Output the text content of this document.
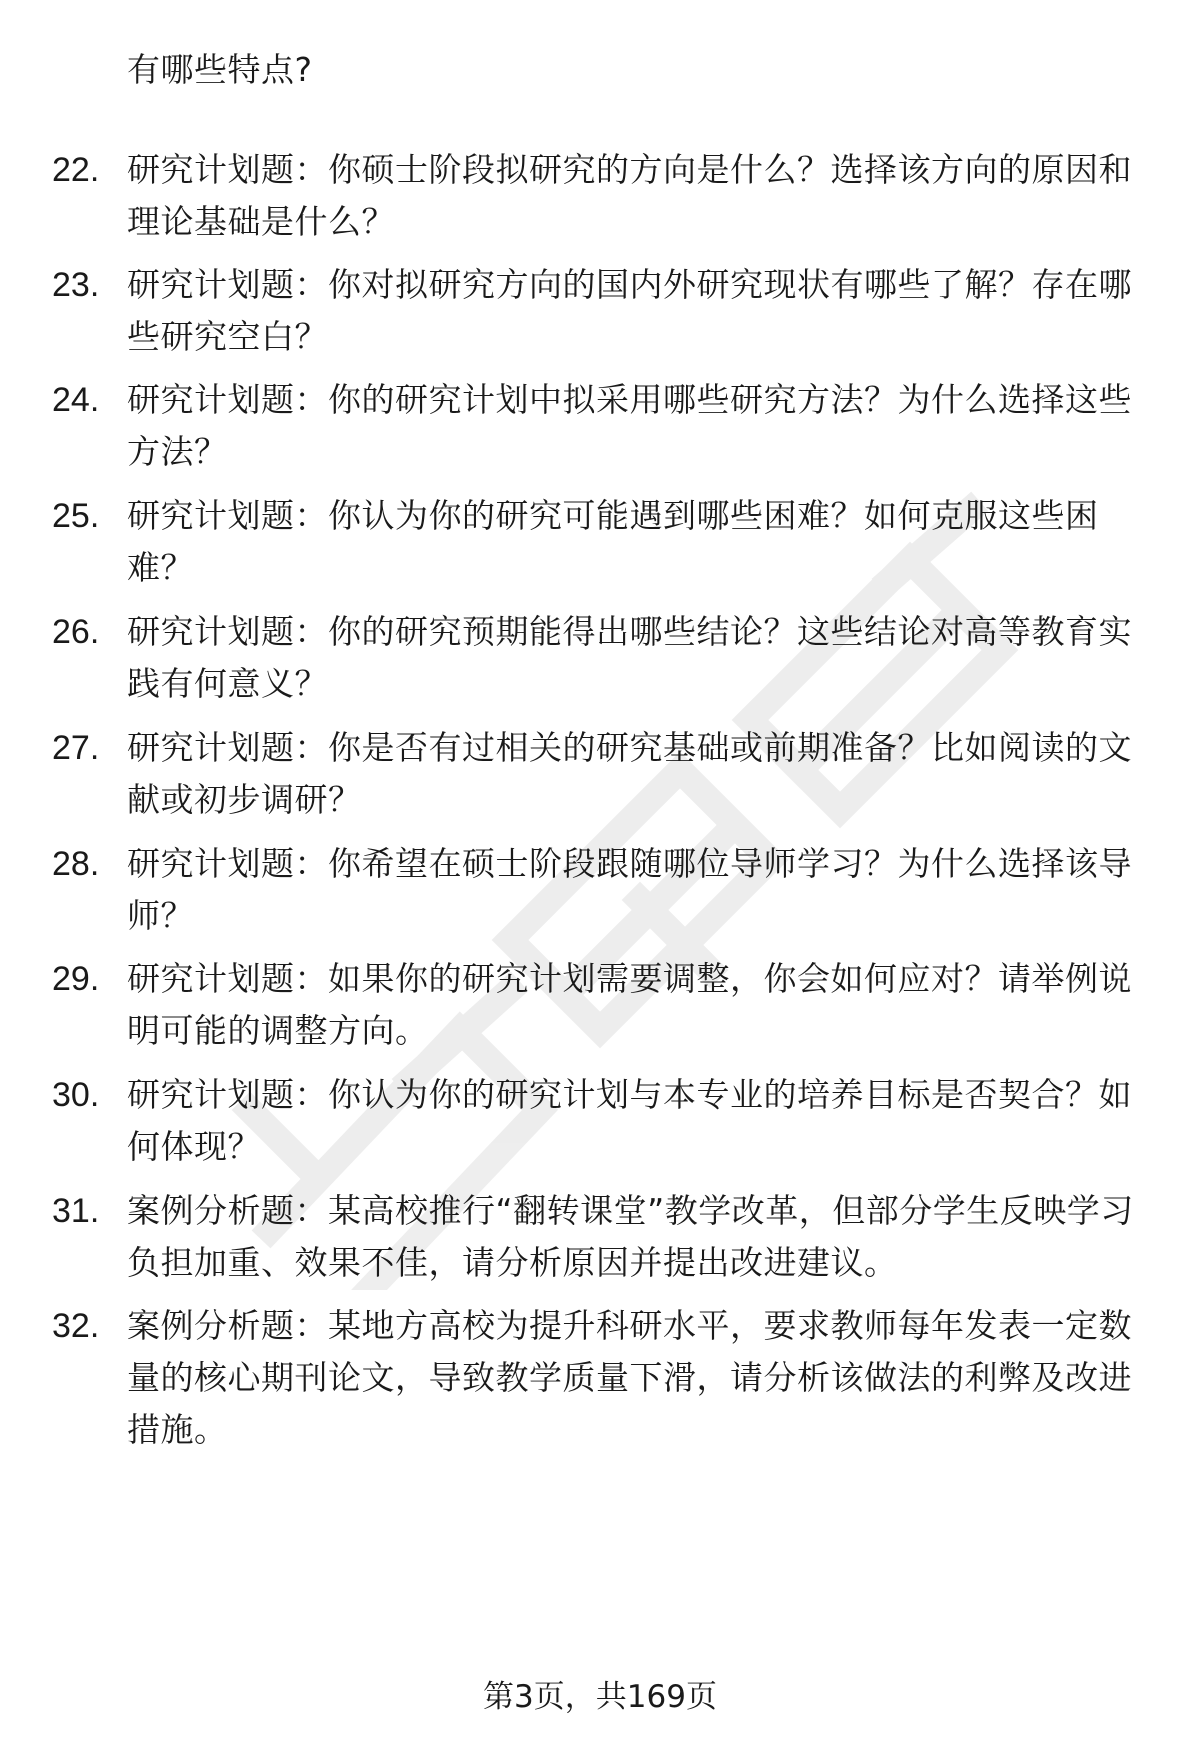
有哪些特点?
22. 研究计划题：你硕士阶段拟研究的方向是什么？选择该方向的原因和理论基础是什么？
23. 研究计划题：你对拟研究方向的国内外研究现状有哪些了解？存在哪些研究空白？
24. 研究计划题：你的研究计划中拟采用哪些研究方法？为什么选择这些方法？
25. 研究计划题：你认为你的研究可能遇到哪些困难？如何克服这些困难？
26. 研究计划题：你的研究预期能得出哪些结论？这些结论对高等教育实践有何意义？
27. 研究计划题：你是否有过相关的研究基础或前期准备？比如阅读的文献或初步调研？
28. 研究计划题：你希望在硕士阶段跟随哪位导师学习？为什么选择该导师？
29. 研究计划题：如果你的研究计划需要调整，你会如何应对？请举例说明可能的调整方向。
30. 研究计划题：你认为你的研究计划与本专业的培养目标是否契合？如何体现？
31. 案例分析题：某高校推行“翻转课堂”教学改革，但部分学生反映学习负担加重、效果不佳，请分析原因并提出改进建议。
32. 案例分析题：某地方高校为提升科研水平，要求教师每年发表一定数量的核心期刊论文，导致教学质量下滑，请分析该做法的利弊及改进措施。
第3页，共169页
